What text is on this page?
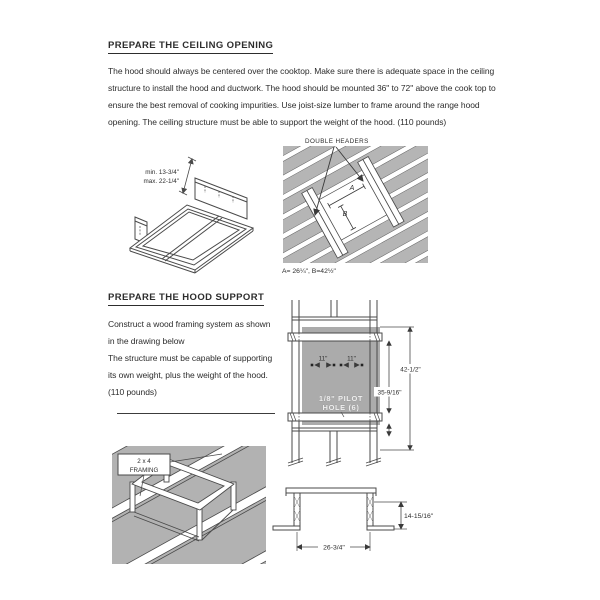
PREPARE THE CEILING OPENING
The hood should always be centered over the cooktop. Make sure there is adequate space in the ceiling
structure to install the hood and ductwork. The hood should be mounted 36" to 72" above the cook top to
ensure the best removal of cooking impurities. Use joist-size lumber to frame around the range hood
opening. The ceiling structure must be able to support the weight of the hood. (110 pounds)
min. 13-3/4"
max. 22-1/4"
A
B
DOUBLE HEADERS
A= 26¼", B=42½"
PREPARE THE HOOD SUPPORT
Construct a wood framing system as shown
in the drawing below
The structure must be capable of supporting
its own weight, plus the weight of the hood.
(110 pounds)
42-1/2"
35-9/16"
11"	11"
1/8" PILOT
HOLE (6)
2 x 4
FRAMING
14-15/16"
26-3/4"
